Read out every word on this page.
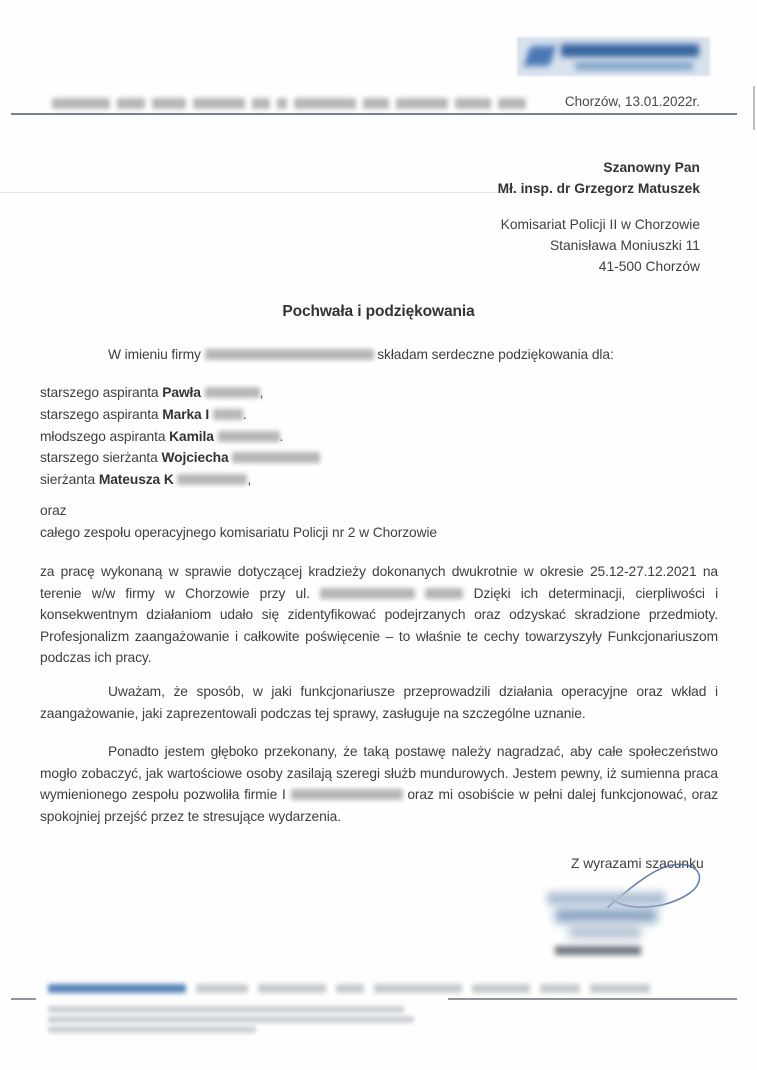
Chorzów, 13.01.2022r.
Szanowny Pan
Mł. insp. dr Grzegorz Matuszek
Komisariat Policji II w Chorzowie
Stanisława Moniuszki 11
41-500 Chorzów
Pochwała i podziękowania

W imieniu firmy	składam serdeczne podziękowania dla:

starszego aspiranta Pawła	,
starszego aspiranta Marka I .
młodszego aspiranta Kamila	.
starszego sierżanta Wojciecha
sierżanta Mateusza K	,
oraz
całego zespołu operacyjnego komisariatu Policji nr 2 w Chorzowie

za pracę wykonaną w sprawie dotyczącej kradzieży dokonanych dwukrotnie w okresie 25.12-27.12.2021 na terenie w/w firmy w Chorzowie przy ul.	Dzięki ich determinacji, cierpliwości i konsekwentnym działaniom udało się zidentyfikować podejrzanych oraz odzyskać skradzione przedmioty. Profesjonalizm zaangażowanie i całkowite poświęcenie – to właśnie te cechy towarzyszyły Funkcjonariuszom podczas ich pracy.

Uważam, że sposób, w jaki funkcjonariusze przeprowadzili działania operacyjne oraz wkład i zaangażowanie, jaki zaprezentowali podczas tej sprawy, zasługuje na szczególne uznanie.

Ponadto jestem głęboko przekonany, że taką postawę należy nagradzać, aby całe społeczeństwo mogło zobaczyć, jak wartościowe osoby zasilają szeregi służb mundurowych. Jestem pewny, iż sumienna praca wymienionego zespołu pozwoliła firmie I	oraz mi osobiście w pełni dalej funkcjonować, oraz spokojniej przejść przez te stresujące wydarzenia.

Z wyrazami szacunku
